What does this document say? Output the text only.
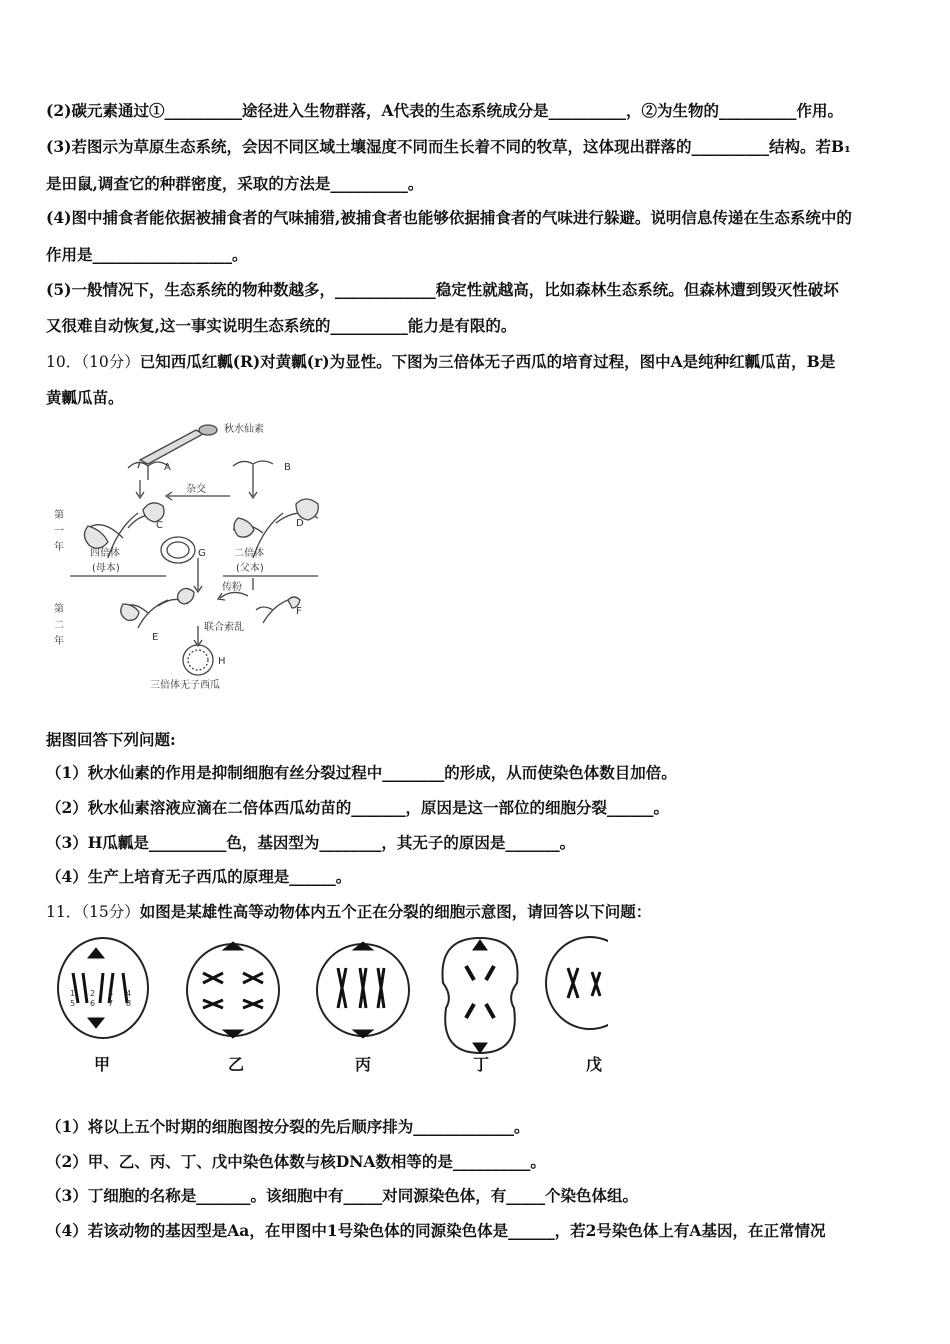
(2)碳元素通过①__________途径进入生物群落，A代表的生态系统成分是__________，②为生物的__________作用。
(3)若图示为草原生态系统，会因不同区域土壤湿度不同而生长着不同的牧草，这体现出群落的__________结构。若B₁
是田鼠,调查它的种群密度，采取的方法是__________。
(4)图中捕食者能依据被捕食者的气味捕猎,被捕食者也能够依据捕食者的气味进行躲避。说明信息传递在生态系统中的
作用是__________________。
(5)一般情况下，生态系统的物种数越多，_____________稳定性就越高，比如森林生态系统。但森林遭到毁灭性破坏
又很难自动恢复,这一事实说明生态系统的__________能力是有限的。
10．（10分）已知西瓜红瓤(R)对黄瓤(r)为显性。下图为三倍体无子西瓜的培育过程，图中A是纯种红瓤瓜苗，B是
黄瓤瓜苗。
秋水仙素
A	B
杂交
C	D
G
四倍体
(母本)
二倍体
(父本)
传粉
E
F
联合索乱
H
三倍体无子西瓜
第
一
年
第
二
年
据图回答下列问题:
（1）秋水仙素的作用是抑制细胞有丝分裂过程中________的形成，从而使染色体数目加倍。
（2）秋水仙素溶液应滴在二倍体西瓜幼苗的_______，原因是这一部位的细胞分裂______。
（3）H瓜瓤是__________色，基因型为________，其无子的原因是_______。
（4）生产上培育无子西瓜的原理是______。
11．（15分）如图是某雄性高等动物体内五个正在分裂的细胞示意图，请回答以下问题：
1
5
2
6
3
7
4
8
甲	乙	丙	丁	戊
（1）将以上五个时期的细胞图按分裂的先后顺序排为_____________。
（2）甲、乙、丙、丁、戊中染色体数与核DNA数相等的是__________。
（3）丁细胞的名称是_______。该细胞中有_____对同源染色体，有_____个染色体组。
（4）若该动物的基因型是Aa，在甲图中1号染色体的同源染色体是______，若2号染色体上有A基因，在正常情况
